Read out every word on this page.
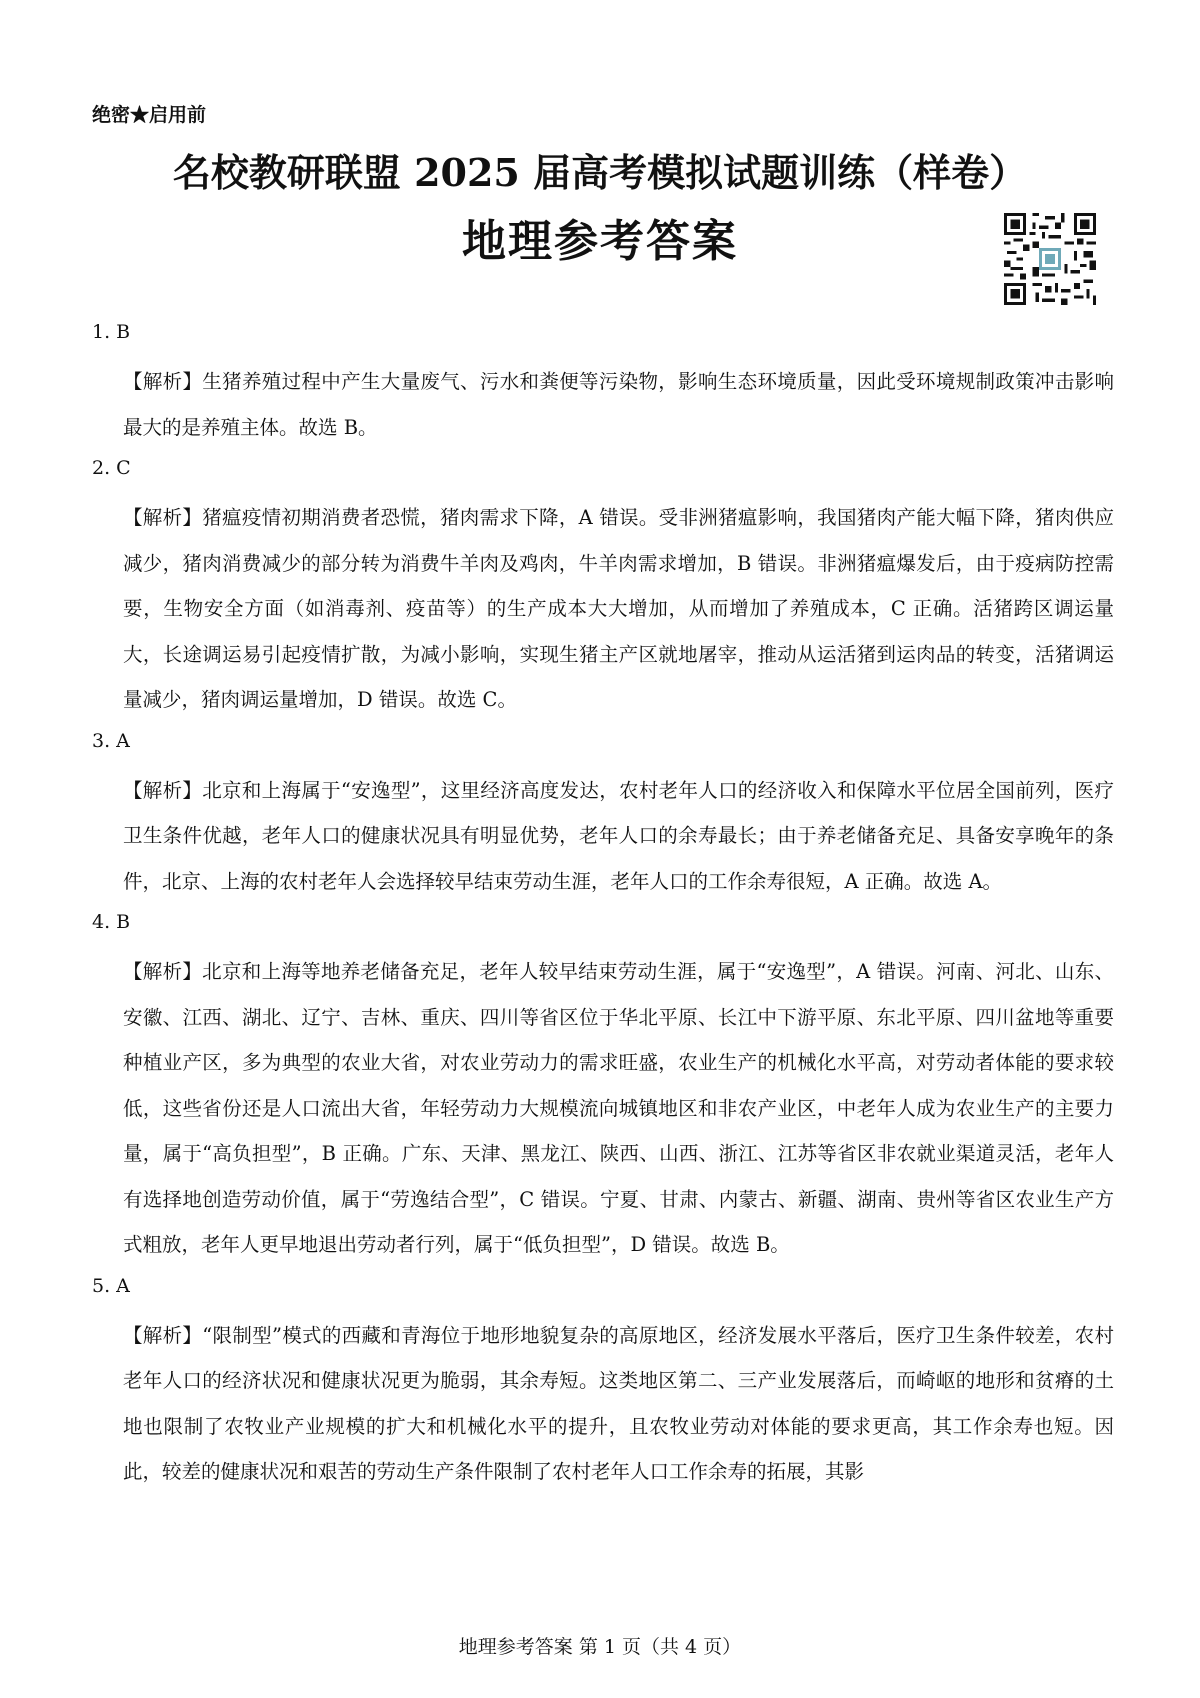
绝密★启用前
名校教研联盟 2025 届高考模拟试题训练（样卷）
地理参考答案
1. B

【解析】生猪养殖过程中产生大量废气、污水和粪便等污染物，影响生态环境质量，因此受环境规制政策冲击影响最大的是养殖主体。故选 B。

2. C

【解析】猪瘟疫情初期消费者恐慌，猪肉需求下降，A 错误。受非洲猪瘟影响，我国猪肉产能大幅下降，猪肉供应减少，猪肉消费减少的部分转为消费牛羊肉及鸡肉，牛羊肉需求增加，B 错误。非洲猪瘟爆发后，由于疫病防控需要，生物安全方面（如消毒剂、疫苗等）的生产成本大大增加，从而增加了养殖成本，C 正确。活猪跨区调运量大，长途调运易引起疫情扩散，为减小影响，实现生猪主产区就地屠宰，推动从运活猪到运肉品的转变，活猪调运量减少，猪肉调运量增加，D 错误。故选 C。

3. A

【解析】北京和上海属于“安逸型”，这里经济高度发达，农村老年人口的经济收入和保障水平位居全国前列，医疗卫生条件优越，老年人口的健康状况具有明显优势，老年人口的余寿最长；由于养老储备充足、具备安享晚年的条件，北京、上海的农村老年人会选择较早结束劳动生涯，老年人口的工作余寿很短，A 正确。故选 A。

4. B

【解析】北京和上海等地养老储备充足，老年人较早结束劳动生涯，属于“安逸型”，A 错误。河南、河北、山东、安徽、江西、湖北、辽宁、吉林、重庆、四川等省区位于华北平原、长江中下游平原、东北平原、四川盆地等重要种植业产区，多为典型的农业大省，对农业劳动力的需求旺盛，农业生产的机械化水平高，对劳动者体能的要求较低，这些省份还是人口流出大省，年轻劳动力大规模流向城镇地区和非农产业区，中老年人成为农业生产的主要力量，属于“高负担型”，B 正确。广东、天津、黑龙江、陕西、山西、浙江、江苏等省区非农就业渠道灵活，老年人有选择地创造劳动价值，属于“劳逸结合型”，C 错误。宁夏、甘肃、内蒙古、新疆、湖南、贵州等省区农业生产方式粗放，老年人更早地退出劳动者行列，属于“低负担型”，D 错误。故选 B。

5. A

【解析】“限制型”模式的西藏和青海位于地形地貌复杂的高原地区，经济发展水平落后，医疗卫生条件较差，农村老年人口的经济状况和健康状况更为脆弱，其余寿短。这类地区第二、三产业发展落后，而崎岖的地形和贫瘠的土地也限制了农牧业产业规模的扩大和机械化水平的提升，且农牧业劳动对体能的要求更高，其工作余寿也短。因此，较差的健康状况和艰苦的劳动生产条件限制了农村老年人口工作余寿的拓展，其影

地理参考答案 第 1 页（共 4 页）
